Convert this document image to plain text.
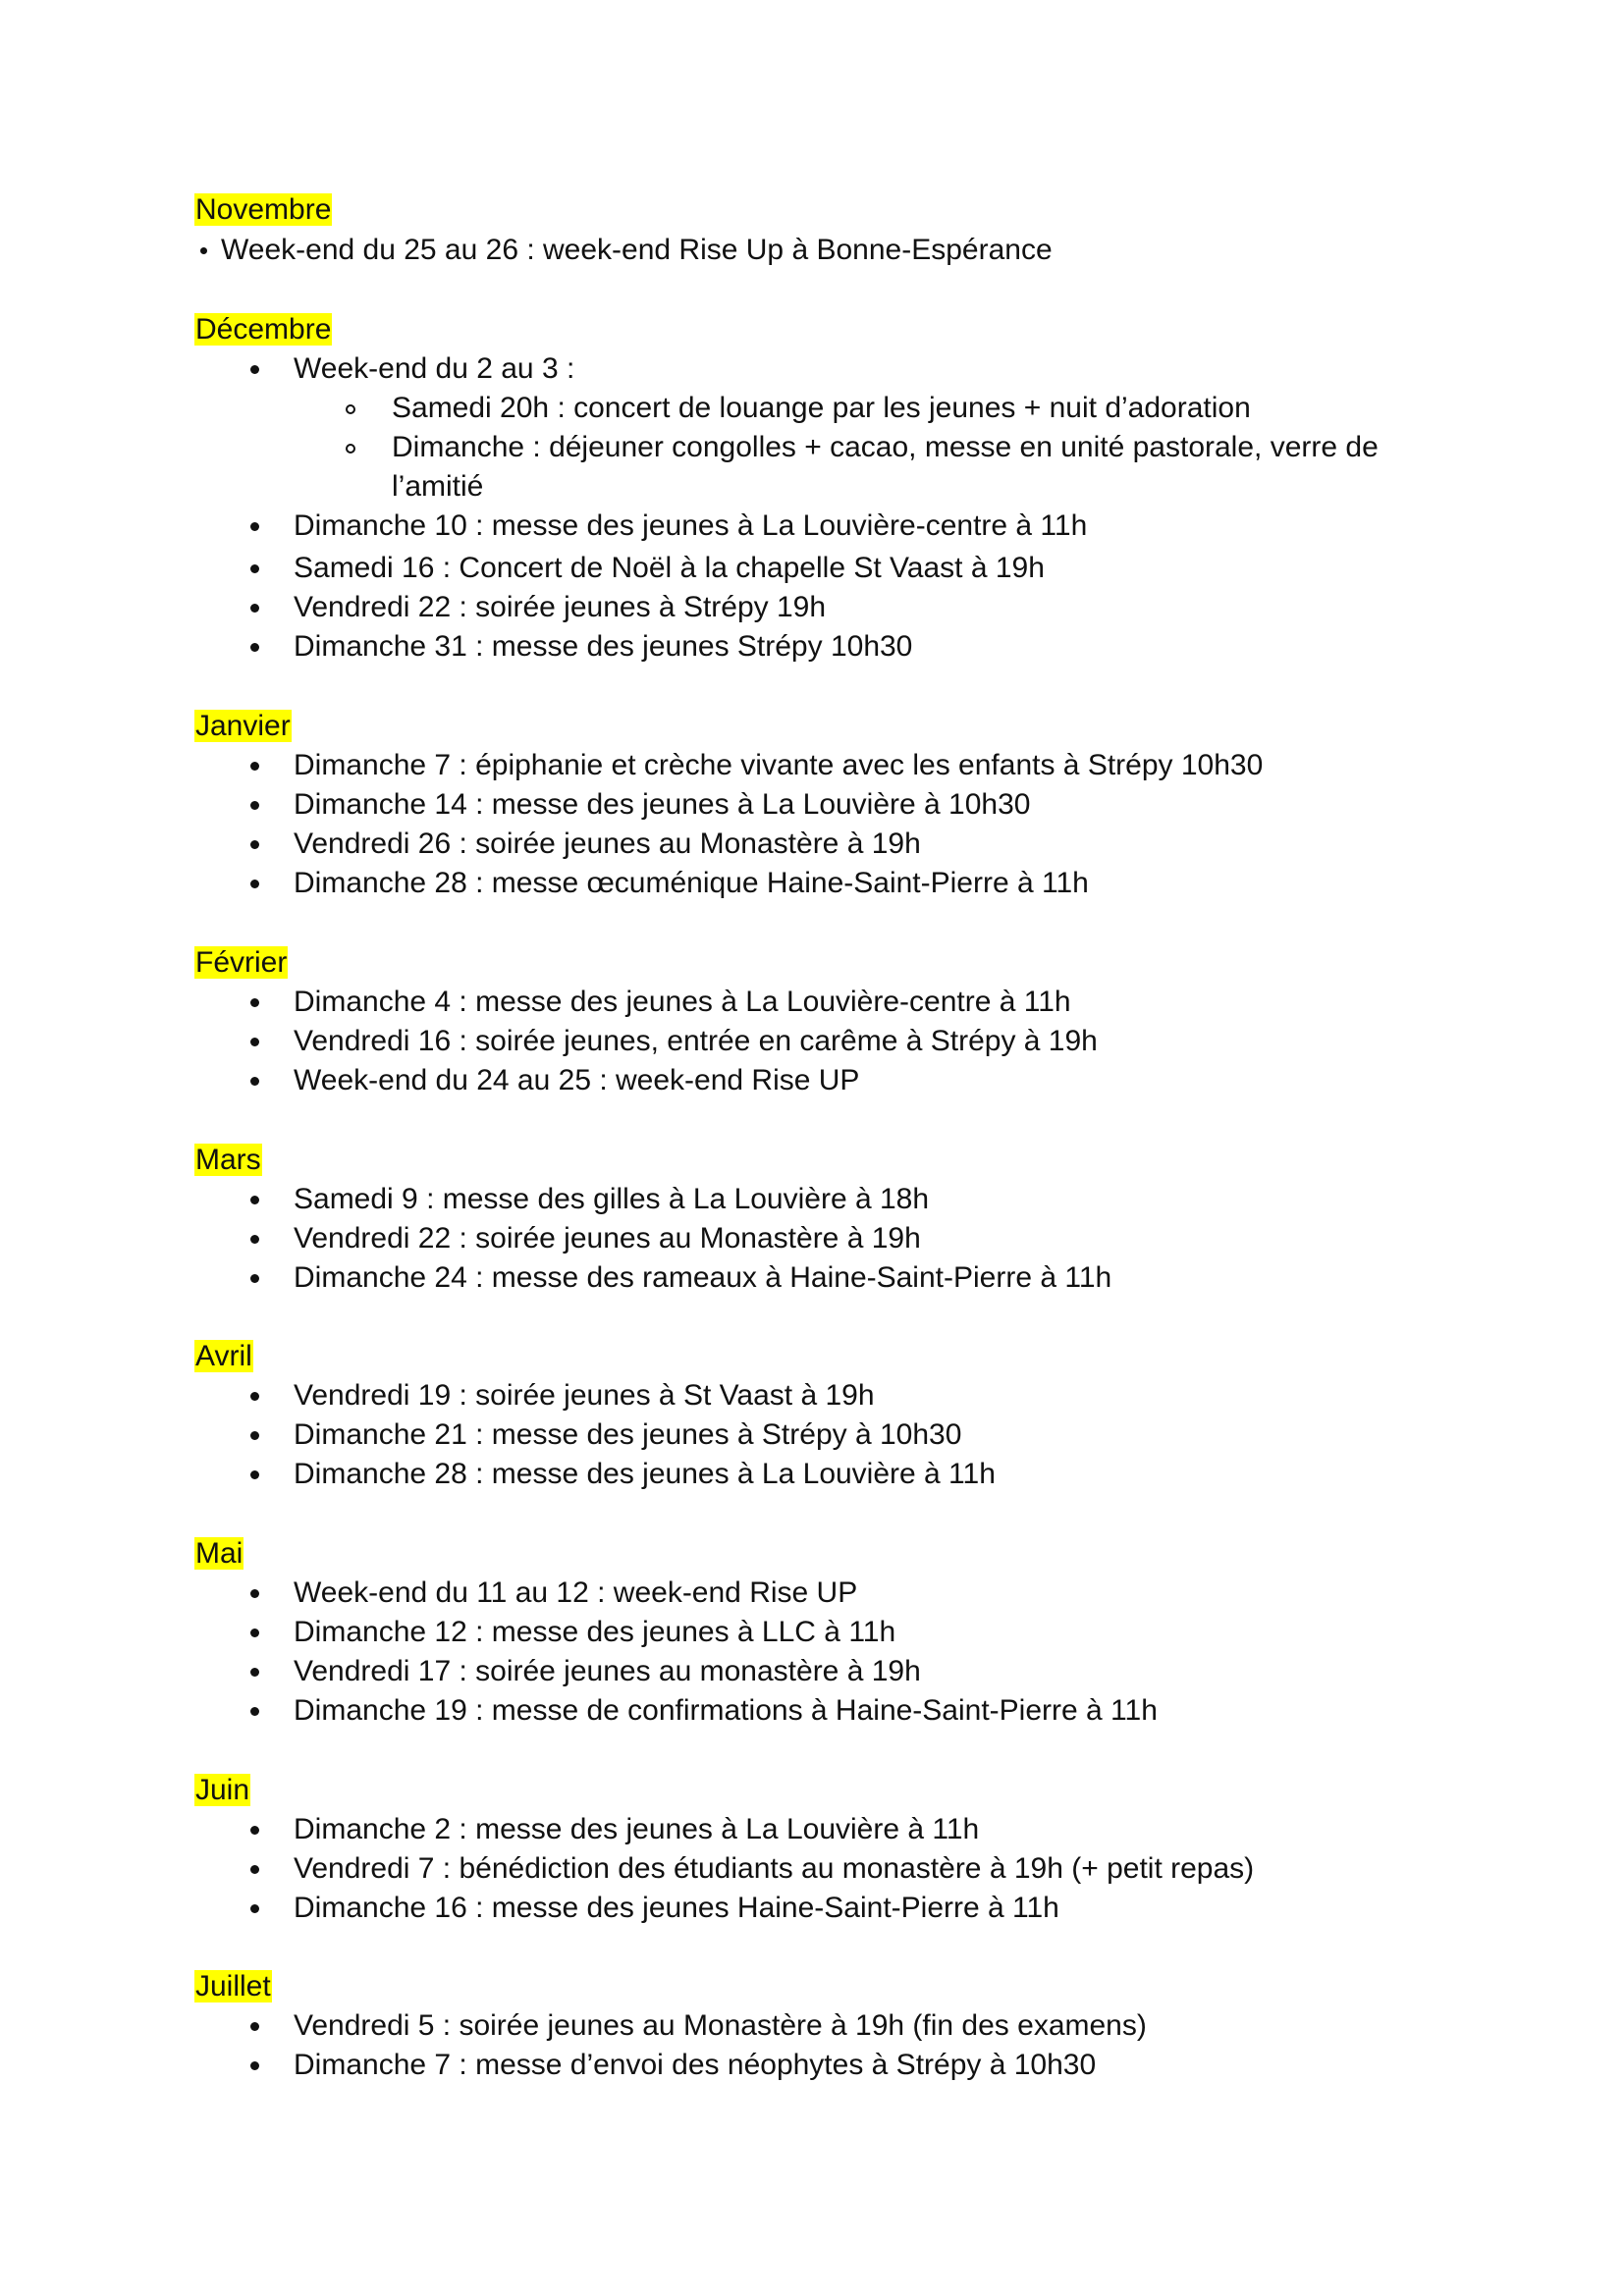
Novembre
Week-end du 25 au 26 : week-end Rise Up à Bonne-Espérance
Décembre
Week-end du 2 au 3 :
Samedi 20h : concert de louange par les jeunes + nuit d’adoration
Dimanche : déjeuner congolles + cacao, messe en unité pastorale, verre de
l’amitié
Dimanche 10 : messe des jeunes à La Louvière-centre à 11h
Samedi 16 : Concert de Noël à la chapelle St Vaast à 19h
Vendredi 22 : soirée jeunes à Strépy 19h
Dimanche 31 : messe des jeunes Strépy 10h30
Janvier
Dimanche 7 : épiphanie et crèche vivante avec les enfants à Strépy 10h30
Dimanche 14 : messe des jeunes à La Louvière à 10h30
Vendredi 26 : soirée jeunes au Monastère à 19h
Dimanche 28 : messe œcuménique Haine-Saint-Pierre à 11h
Février
Dimanche 4 : messe des jeunes à La Louvière-centre à 11h
Vendredi 16 : soirée jeunes, entrée en carême à Strépy à 19h
Week-end du 24 au 25 : week-end Rise UP
Mars
Samedi 9 : messe des gilles à La Louvière à 18h
Vendredi 22 : soirée jeunes au Monastère à 19h
Dimanche 24 : messe des rameaux à Haine-Saint-Pierre à 11h
Avril
Vendredi 19 : soirée jeunes à St Vaast à 19h
Dimanche 21 : messe des jeunes à Strépy à 10h30
Dimanche 28 : messe des jeunes à La Louvière à 11h
Mai
Week-end du 11 au 12 : week-end Rise UP
Dimanche 12 : messe des jeunes à LLC à 11h
Vendredi 17 : soirée jeunes au monastère à 19h
Dimanche 19 : messe de confirmations à Haine-Saint-Pierre à 11h
Juin
Dimanche 2 : messe des jeunes à La Louvière à 11h
Vendredi 7 : bénédiction des étudiants au monastère à 19h (+ petit repas)
Dimanche 16 : messe des jeunes Haine-Saint-Pierre à 11h
Juillet
Vendredi 5 : soirée jeunes au Monastère à 19h (fin des examens)
Dimanche 7 : messe d’envoi des néophytes à Strépy à 10h30
